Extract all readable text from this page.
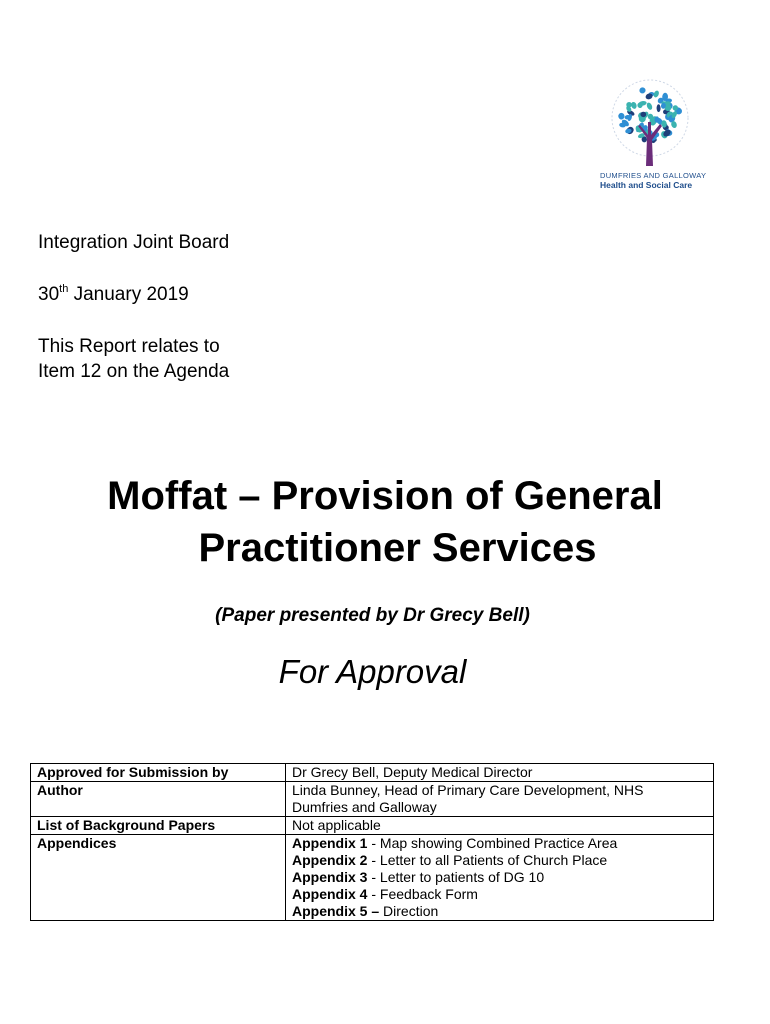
DUMFRIES AND GALLOWAY
Health and Social Care
Integration Joint Board
30th January 2019
This Report relates to
Item 12 on the Agenda
Moffat – Provision of General
Practitioner Services
(Paper presented by Dr Grecy Bell)
For Approval
Approved for Submission by	Dr Grecy Bell, Deputy Medical Director
Author	Linda Bunney, Head of Primary Care Development, NHS
Dumfries and Galloway

List of Background Papers	Not applicable
Appendices	Appendix 1 - Map showing Combined Practice Area
Appendix 2 - Letter to all Patients of Church Place
Appendix 3 - Letter to patients of DG 10
Appendix 4 - Feedback Form
Appendix 5 – Direction
